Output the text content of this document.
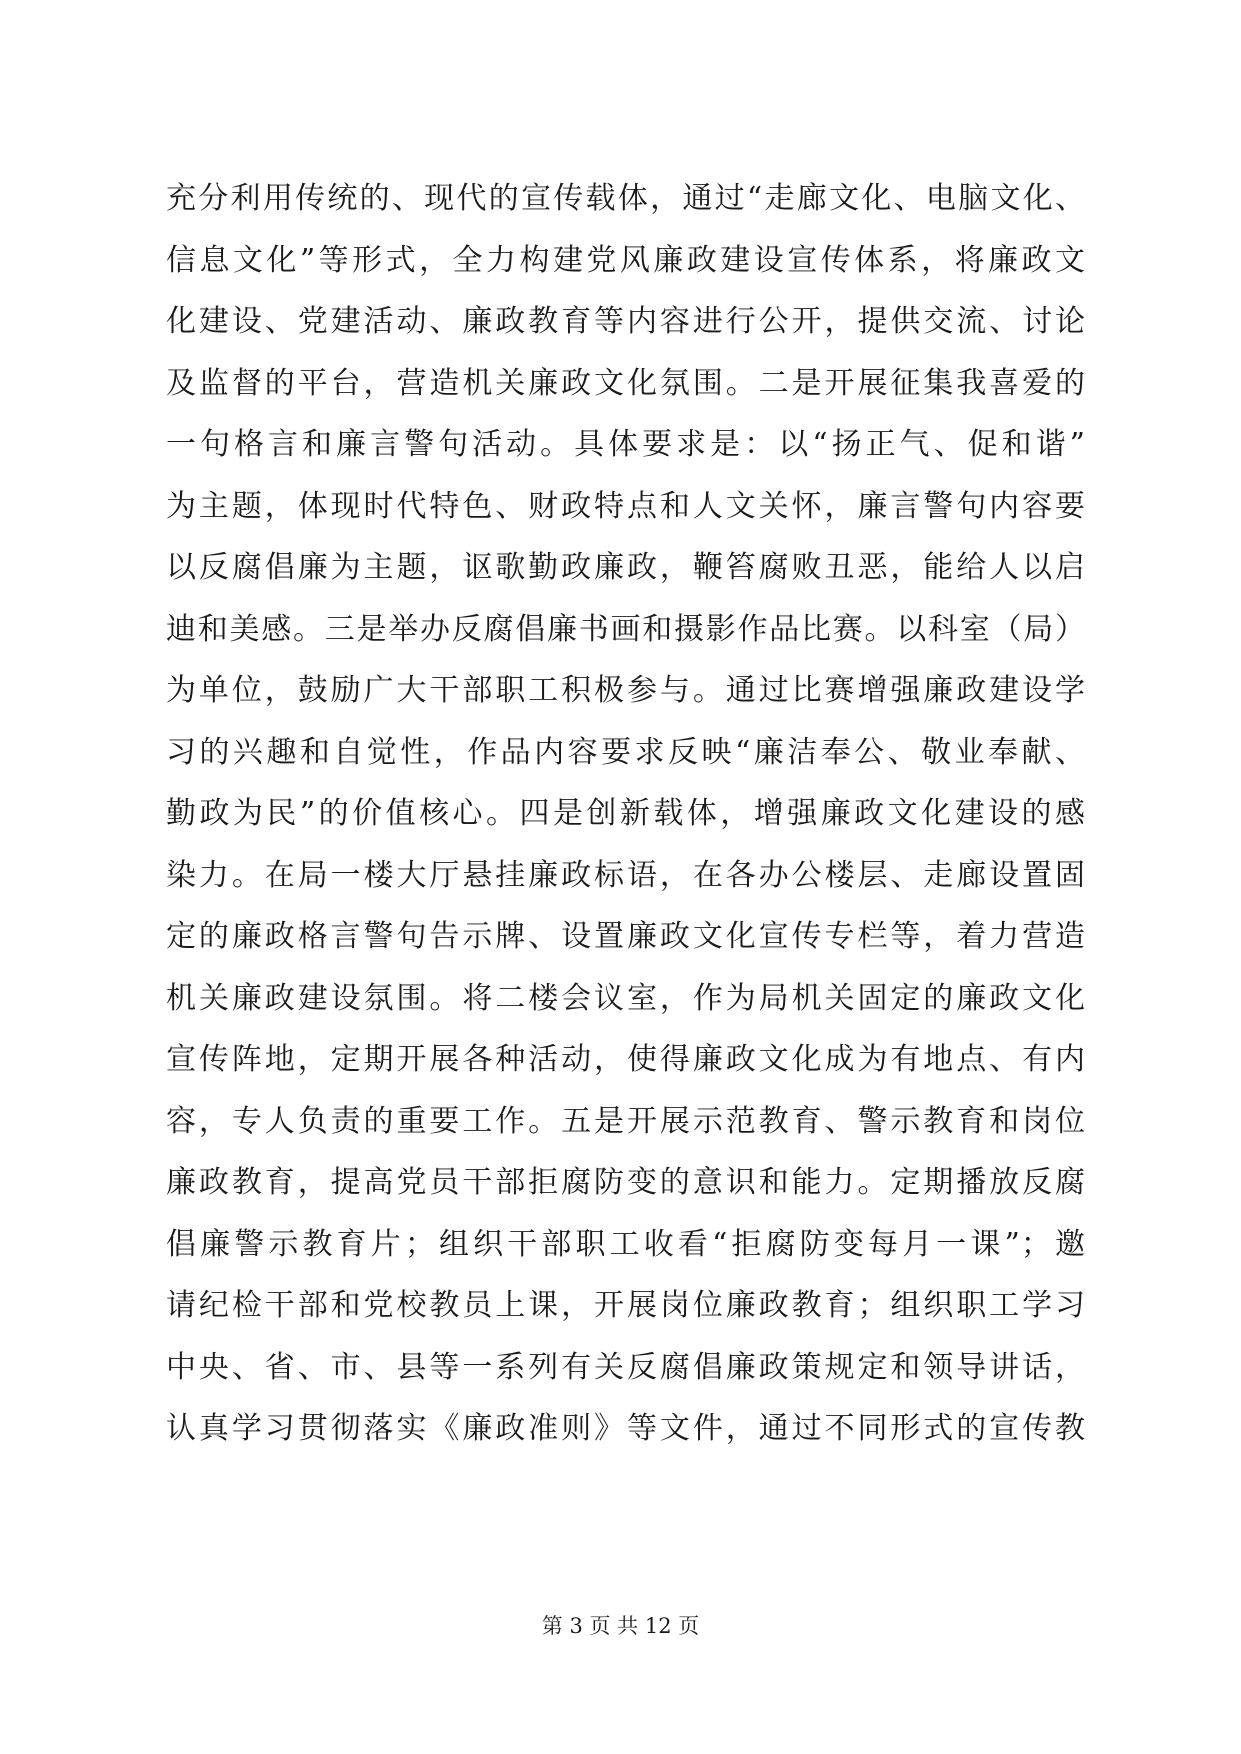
充分利用传统的、现代的宣传载体，通过“走廊文化、电脑文化、
信息文化”等形式，全力构建党风廉政建设宣传体系，将廉政文
化建设、党建活动、廉政教育等内容进行公开，提供交流、讨论
及监督的平台，营造机关廉政文化氛围。二是开展征集我喜爱的
一句格言和廉言警句活动。具体要求是：以“扬正气、促和谐”
为主题，体现时代特色、财政特点和人文关怀，廉言警句内容要
以反腐倡廉为主题，讴歌勤政廉政，鞭笞腐败丑恶，能给人以启
迪和美感。三是举办反腐倡廉书画和摄影作品比赛。以科室（局）
为单位，鼓励广大干部职工积极参与。通过比赛增强廉政建设学
习的兴趣和自觉性，作品内容要求反映“廉洁奉公、敬业奉献、
勤政为民”的价值核心。四是创新载体，增强廉政文化建设的感
染力。在局一楼大厅悬挂廉政标语，在各办公楼层、走廊设置固
定的廉政格言警句告示牌、设置廉政文化宣传专栏等，着力营造
机关廉政建设氛围。将二楼会议室，作为局机关固定的廉政文化
宣传阵地，定期开展各种活动，使得廉政文化成为有地点、有内
容，专人负责的重要工作。五是开展示范教育、警示教育和岗位
廉政教育，提高党员干部拒腐防变的意识和能力。定期播放反腐
倡廉警示教育片；组织干部职工收看“拒腐防变每月一课”；邀
请纪检干部和党校教员上课，开展岗位廉政教育；组织职工学习
中央、省、市、县等一系列有关反腐倡廉政策规定和领导讲话，
认真学习贯彻落实《廉政准则》等文件，通过不同形式的宣传教
第 3 页 共 12 页
